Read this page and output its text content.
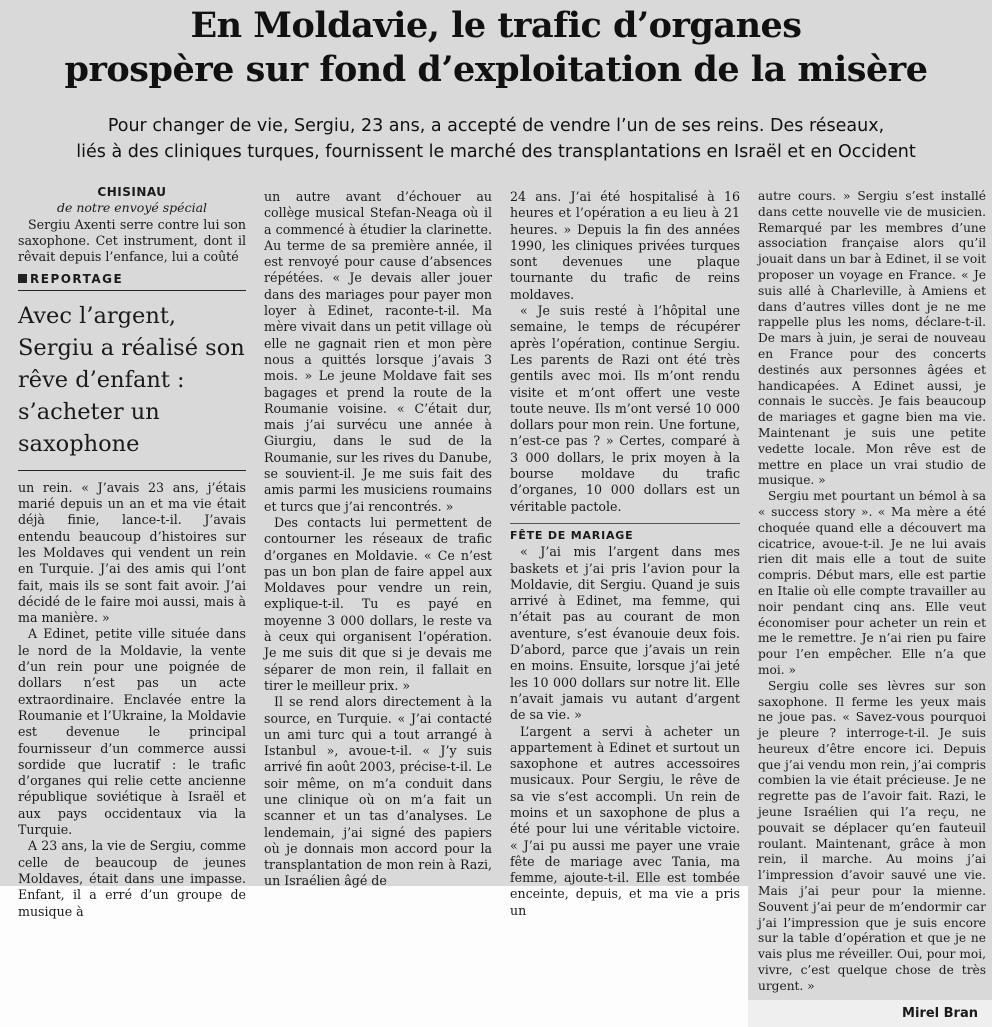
En Moldavie, le trafic d’organes
prospère sur fond d’exploitation de la misère
Pour changer de vie, Sergiu, 23 ans, a accepté de vendre l’un de ses reins. Des réseaux,
liés à des cliniques turques, fournissent le marché des transplantations en Israël et en Occident
CHISINAU
de notre envoyé spécial

Sergiu Axenti serre contre lui son saxophone. Cet instrument, dont il rêvait depuis l’enfance, lui a coûté

REPORTAGE
Avec l’argent, Sergiu a réalisé son rêve d’enfant : s’acheter un saxophone

un rein. « J’avais 23 ans, j’étais marié depuis un an et ma vie était déjà finie, lance-t-il. J’avais entendu beaucoup d’histoires sur les Moldaves qui vendent un rein en Turquie. J’ai des amis qui l’ont fait, mais ils se sont fait avoir. J’ai décidé de le faire moi aussi, mais à ma manière. »

A Edinet, petite ville située dans le nord de la Moldavie, la vente d’un rein pour une poignée de dollars n’est pas un acte extraordinaire. Enclavée entre la Roumanie et l’Ukraine, la Moldavie est devenue le principal fournisseur d’un commerce aussi sordide que lucratif : le trafic d’organes qui relie cette ancienne république soviétique à Israël et aux pays occidentaux via la Turquie.

A 23 ans, la vie de Sergiu, comme celle de beaucoup de jeunes Moldaves, était dans une impasse. Enfant, il a erré d’un groupe de musique à

un autre avant d’échouer au collège musical Stefan-Neaga où il a commencé à étudier la clarinette. Au terme de sa première année, il est renvoyé pour cause d’absences répétées. « Je devais aller jouer dans des mariages pour payer mon loyer à Edinet, raconte-t-il. Ma mère vivait dans un petit village où elle ne gagnait rien et mon père nous a quittés lorsque j’avais 3 mois. » Le jeune Moldave fait ses bagages et prend la route de la Roumanie voisine. « C’était dur, mais j’ai survécu une année à Giurgiu, dans le sud de la Roumanie, sur les rives du Danube, se souvient-il. Je me suis fait des amis parmi les musiciens roumains et turcs que j’ai rencontrés. »

Des contacts lui permettent de contourner les réseaux de trafic d’organes en Moldavie. « Ce n’est pas un bon plan de faire appel aux Moldaves pour vendre un rein, explique-t-il. Tu es payé en moyenne 3 000 dollars, le reste va à ceux qui organisent l’opération. Je me suis dit que si je devais me séparer de mon rein, il fallait en tirer le meilleur prix. »

Il se rend alors directement à la source, en Turquie. « J’ai contacté un ami turc qui a tout arrangé à Istanbul », avoue-t-il. « J’y suis arrivé fin août 2003, précise-t-il. Le soir même, on m’a conduit dans une clinique où on m’a fait un scanner et un tas d’analyses. Le lendemain, j’ai signé des papiers où je donnais mon accord pour la transplantation de mon rein à Razi, un Israélien âgé de

24 ans. J’ai été hospitalisé à 16 heures et l’opération a eu lieu à 21 heures. » Depuis la fin des années 1990, les cliniques privées turques sont devenues une plaque tournante du trafic de reins moldaves.

« Je suis resté à l’hôpital une semaine, le temps de récupérer après l’opération, continue Sergiu. Les parents de Razi ont été très gentils avec moi. Ils m’ont rendu visite et m’ont offert une veste toute neuve. Ils m’ont versé 10 000 dollars pour mon rein. Une fortune, n’est-ce pas ? » Certes, comparé à 3 000 dollars, le prix moyen à la bourse moldave du trafic d’organes, 10 000 dollars est un véritable pactole.

FÊTE DE MARIAGE

« J’ai mis l’argent dans mes baskets et j’ai pris l’avion pour la Moldavie, dit Sergiu. Quand je suis arrivé à Edinet, ma femme, qui n’était pas au courant de mon aventure, s’est évanouie deux fois. D’abord, parce que j’avais un rein en moins. Ensuite, lorsque j’ai jeté les 10 000 dollars sur notre lit. Elle n’avait jamais vu autant d’argent de sa vie. »

L’argent a servi à acheter un appartement à Edinet et surtout un saxophone et autres accessoires musicaux. Pour Sergiu, le rêve de sa vie s’est accompli. Un rein de moins et un saxophone de plus a été pour lui une véritable victoire. « J’ai pu aussi me payer une vraie fête de mariage avec Tania, ma femme, ajoute-t-il. Elle est tombée enceinte, depuis, et ma vie a pris un

autre cours. » Sergiu s’est installé dans cette nouvelle vie de musicien. Remarqué par les membres d’une association française alors qu’il jouait dans un bar à Edinet, il se voit proposer un voyage en France. « Je suis allé à Charleville, à Amiens et dans d’autres villes dont je ne me rappelle plus les noms, déclare-t-il. De mars à juin, je serai de nouveau en France pour des concerts destinés aux personnes âgées et handicapées. A Edinet aussi, je connais le succès. Je fais beaucoup de mariages et gagne bien ma vie. Maintenant je suis une petite vedette locale. Mon rêve est de mettre en place un vrai studio de musique. »

Sergiu met pourtant un bémol à sa « success story ». « Ma mère a été choquée quand elle a découvert ma cicatrice, avoue-t-il. Je ne lui avais rien dit mais elle a tout de suite compris. Début mars, elle est partie en Italie où elle compte travailler au noir pendant cinq ans. Elle veut économiser pour acheter un rein et me le remettre. Je n’ai rien pu faire pour l’en empêcher. Elle n’a que moi. »

Sergiu colle ses lèvres sur son saxophone. Il ferme les yeux mais ne joue pas. « Savez-vous pourquoi je pleure ? interroge-t-il. Je suis heureux d’être encore ici. Depuis que j’ai vendu mon rein, j’ai compris combien la vie était précieuse. Je ne regrette pas de l’avoir fait. Razi, le jeune Israélien qui l’a reçu, ne pouvait se déplacer qu’en fauteuil roulant. Maintenant, grâce à mon rein, il marche. Au moins j’ai l’impression d’avoir sauvé une vie. Mais j’ai peur pour la mienne. Souvent j’ai peur de m’endormir car j’ai l’impression que je suis encore sur la table d’opération et que je ne vais plus me réveiller. Oui, pour moi, vivre, c’est quelque chose de très urgent. »

Mirel Bran
